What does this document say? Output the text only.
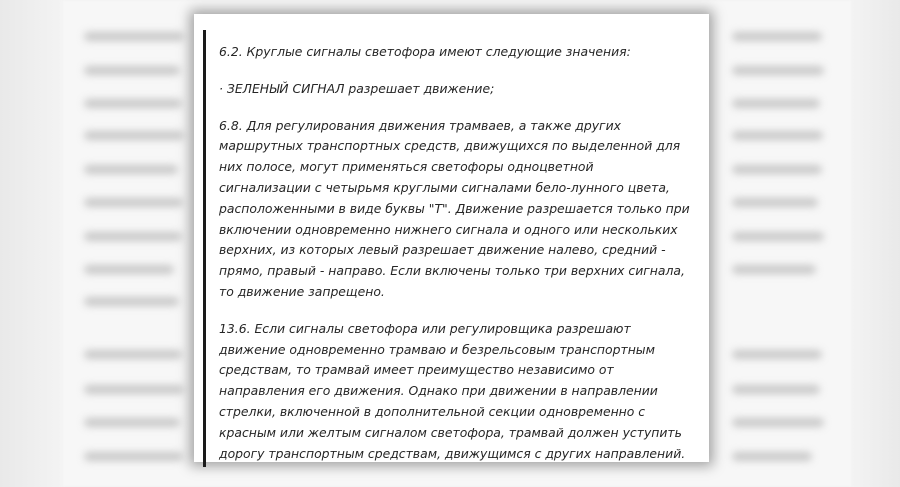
6.2. Круглые сигналы светофора имеют следующие значения:

· ЗЕЛЕНЫЙ СИГНАЛ разрешает движение;

6.8. Для регулирования движения трамваев, а также других
маршрутных транспортных средств, движущихся по выделенной для
них полосе, могут применяться светофоры одноцветной
сигнализации с четырьмя круглыми сигналами бело-лунного цвета,
расположенными в виде буквы "Т". Движение разрешается только при
включении одновременно нижнего сигнала и одного или нескольких
верхних, из которых левый разрешает движение налево, средний -
прямо, правый - направо. Если включены только три верхних сигнала,
то движение запрещено.

13.6. Если сигналы светофора или регулировщика разрешают
движение одновременно трамваю и безрельсовым транспортным
средствам, то трамвай имеет преимущество независимо от
направления его движения. Однако при движении в направлении
стрелки, включенной в дополнительной секции одновременно с
красным или желтым сигналом светофора, трамвай должен уступить
дорогу транспортным средствам, движущимся с других направлений.
